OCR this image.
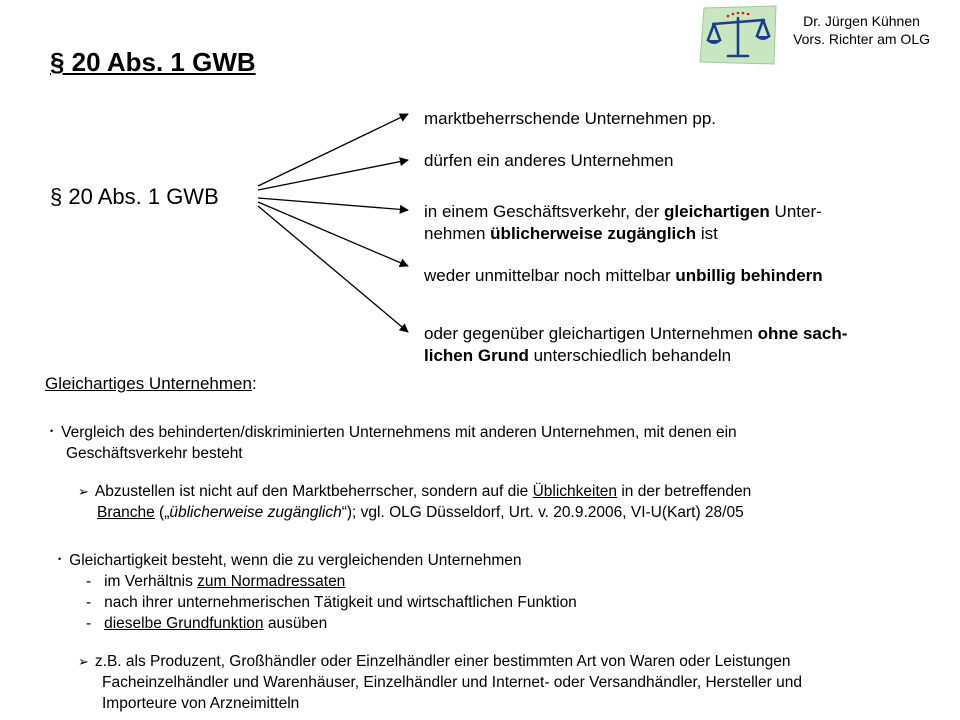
Dr. Jürgen Kühnen
Vors. Richter am OLG
§ 20 Abs. 1 GWB
§ 20 Abs. 1 GWB
marktbeherrschende Unternehmen pp.
dürfen ein anderes Unternehmen
in einem Geschäftsverkehr, der gleichartigen Unter-
nehmen üblicherweise zugänglich ist
weder unmittelbar noch mittelbar unbillig behindern
oder gegenüber gleichartigen Unternehmen ohne sach-
lichen Grund unterschiedlich behandeln
Gleichartiges Unternehmen:
• Vergleich des behinderten/diskriminierten Unternehmens mit anderen Unternehmen, mit denen ein
Geschäftsverkehr besteht
➢ Abzustellen ist nicht auf den Marktbeherrscher, sondern auf die Üblichkeiten in der betreffenden
Branche („üblicherweise zugänglich“); vgl. OLG Düsseldorf, Urt. v. 20.9.2006, VI-U(Kart) 28/05
• Gleichartigkeit besteht, wenn die zu vergleichenden Unternehmen
-   im Verhältnis zum Normadressaten
-   nach ihrer unternehmerischen Tätigkeit und wirtschaftlichen Funktion
-   dieselbe Grundfunktion ausüben
➢ z.B. als Produzent, Großhändler oder Einzelhändler einer bestimmten Art von Waren oder Leistungen
Facheinzelhändler und Warenhäuser, Einzelhändler und Internet- oder Versandhändler, Hersteller und
Importeure von Arzneimitteln
